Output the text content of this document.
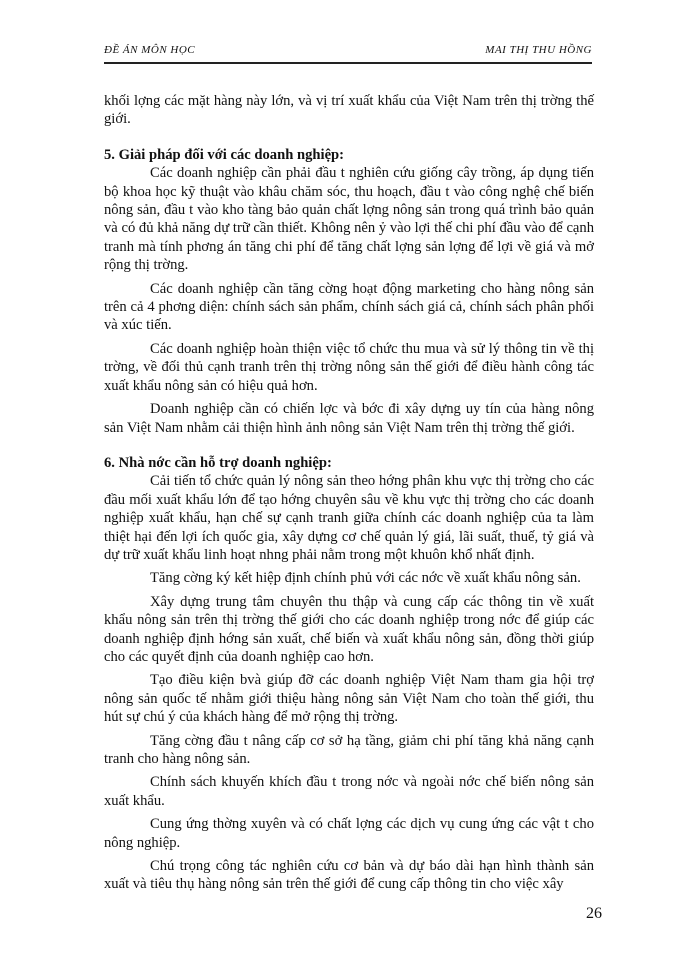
ĐỀ ÁN MÔN HỌC	MAI THỊ THU HỒNG

khối lợng các mặt hàng này lớn, và vị trí xuất khẩu của Việt Nam trên thị trờng thế giới.

5. Giải pháp đối với các doanh nghiệp:

Các doanh nghiệp cần phải đầu t nghiên cứu giống cây trồng, áp dụng tiến bộ khoa học kỹ thuật vào khâu chăm sóc, thu hoạch, đầu t vào công nghệ chế biến nông sản, đầu t vào kho tàng bảo quản chất lợng nông sản trong quá trình bảo quản và có đủ khả năng dự trữ cần thiết. Không nên ỷ vào lợi thế chi phí đầu vào để cạnh tranh mà tính phơng án tăng chi phí để tăng chất lợng sản lợng để lợi về giá và mở rộng thị trờng.

Các doanh nghiệp cần tăng cờng hoạt động marketing cho hàng nông sản trên cả 4 phơng diện: chính sách sản phẩm, chính sách giá cả, chính sách phân phối và xúc tiến.

Các doanh nghiệp hoàn thiện việc tổ chức thu mua và sử lý thông tin về thị trờng, về đối thủ cạnh tranh trên thị trờng nông sản thế giới để điều hành công tác xuất khẩu nông sản có hiệu quả hơn.

Doanh nghiệp cần có chiến lợc và bớc đi xây dựng uy tín của hàng nông sản Việt Nam nhằm cải thiện hình ảnh nông sản Việt Nam trên thị trờng thế giới.

6. Nhà nớc cần hỗ trợ doanh nghiệp:

Cải tiến tổ chức quản lý nông sản theo hớng phân khu vực thị trờng cho các đầu mối xuất khẩu lớn để tạo hớng chuyên sâu về khu vực thị trờng cho các doanh nghiệp xuất khẩu, hạn chế sự cạnh tranh giữa chính các doanh nghiệp của ta làm thiệt hại đến lợi ích quốc gia, xây dựng cơ chế quản lý giá, lãi suất, thuế, tỷ giá và dự trữ xuất khẩu linh hoạt nhng phải nằm trong một khuôn khổ nhất định.

Tăng cờng ký kết hiệp định chính phủ với các nớc về xuất khẩu nông sản.

Xây dựng trung tâm chuyên thu thập và cung cấp các thông tin về xuất khẩu nông sản trên thị trờng thế giới cho các doanh nghiệp trong nớc để giúp các doanh nghiệp định hớng sản xuất, chế biến và xuất khẩu nông sản, đồng thời giúp cho các quyết định của doanh nghiệp cao hơn.

Tạo điều kiện bvà giúp đỡ các doanh nghiệp Việt Nam tham gia hội trợ nông sản quốc tế nhằm giới thiệu hàng nông sản Việt Nam cho toàn thế giới, thu hút sự chú ý của khách hàng để mở rộng thị trờng.

Tăng cờng đầu t nâng cấp cơ sở hạ tầng, giảm chi phí tăng khả năng cạnh tranh cho hàng nông sản.

Chính sách khuyến khích đầu t trong nớc và ngoài nớc chế biến nông sản xuất khẩu.

Cung ứng thờng xuyên và có chất lợng các dịch vụ cung ứng các vật t cho nông nghiệp.

Chú trọng công tác nghiên cứu cơ bản và dự báo dài hạn hình thành sản xuất và tiêu thụ hàng nông sản trên thế giới để cung cấp thông tin cho việc xây

26
